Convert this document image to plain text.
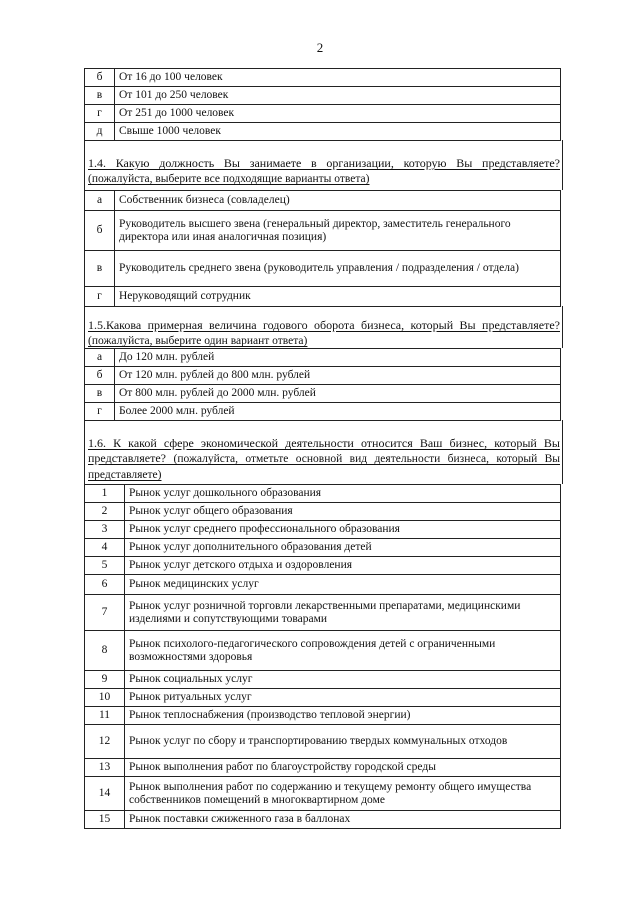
2
б	От 16 до 100 человек
в	От 101 до 250 человек
г	От 251 до 1000 человек
д	Свыше 1000 человек
1.4. Какую должность Вы занимаете в организации, которую Вы представляете? (пожалуйста, выберите все подходящие варианты ответа)
а	Собственник бизнеса (совладелец)
б	Руководитель высшего звена (генеральный директор, заместитель генерального директора или иная аналогичная позиция)
в	Руководитель среднего звена (руководитель управления / подразделения / отдела)
г	Неруководящий сотрудник
1.5.Какова примерная величина годового оборота бизнеса, который Вы представляете? (пожалуйста, выберите один вариант ответа)
а	До 120 млн. рублей
б	От 120 млн. рублей до 800 млн. рублей
в	От 800 млн. рублей до 2000 млн. рублей
г	Более 2000 млн. рублей
1.6. К какой сфере экономической деятельности относится Ваш бизнес, который Вы представляете? (пожалуйста, отметьте основной вид деятельности бизнеса, который Вы представляете)
1	Рынок услуг дошкольного образования
2	Рынок услуг общего образования
3	Рынок услуг среднего профессионального образования
4	Рынок услуг дополнительного образования детей
5	Рынок услуг детского отдыха и оздоровления
6	Рынок медицинских услуг
7	Рынок услуг розничной торговли лекарственными препаратами, медицинскими изделиями и сопутствующими товарами
8	Рынок психолого-педагогического сопровождения детей с ограниченными возможностями здоровья
9	Рынок социальных услуг
10	Рынок ритуальных услуг
11	Рынок теплоснабжения (производство тепловой энергии)
12	Рынок услуг по сбору и транспортированию твердых коммунальных отходов
13	Рынок выполнения работ по благоустройству городской среды
14	Рынок выполнения работ по содержанию и текущему ремонту общего имущества собственников помещений в многоквартирном доме
15	Рынок поставки сжиженного газа в баллонах
